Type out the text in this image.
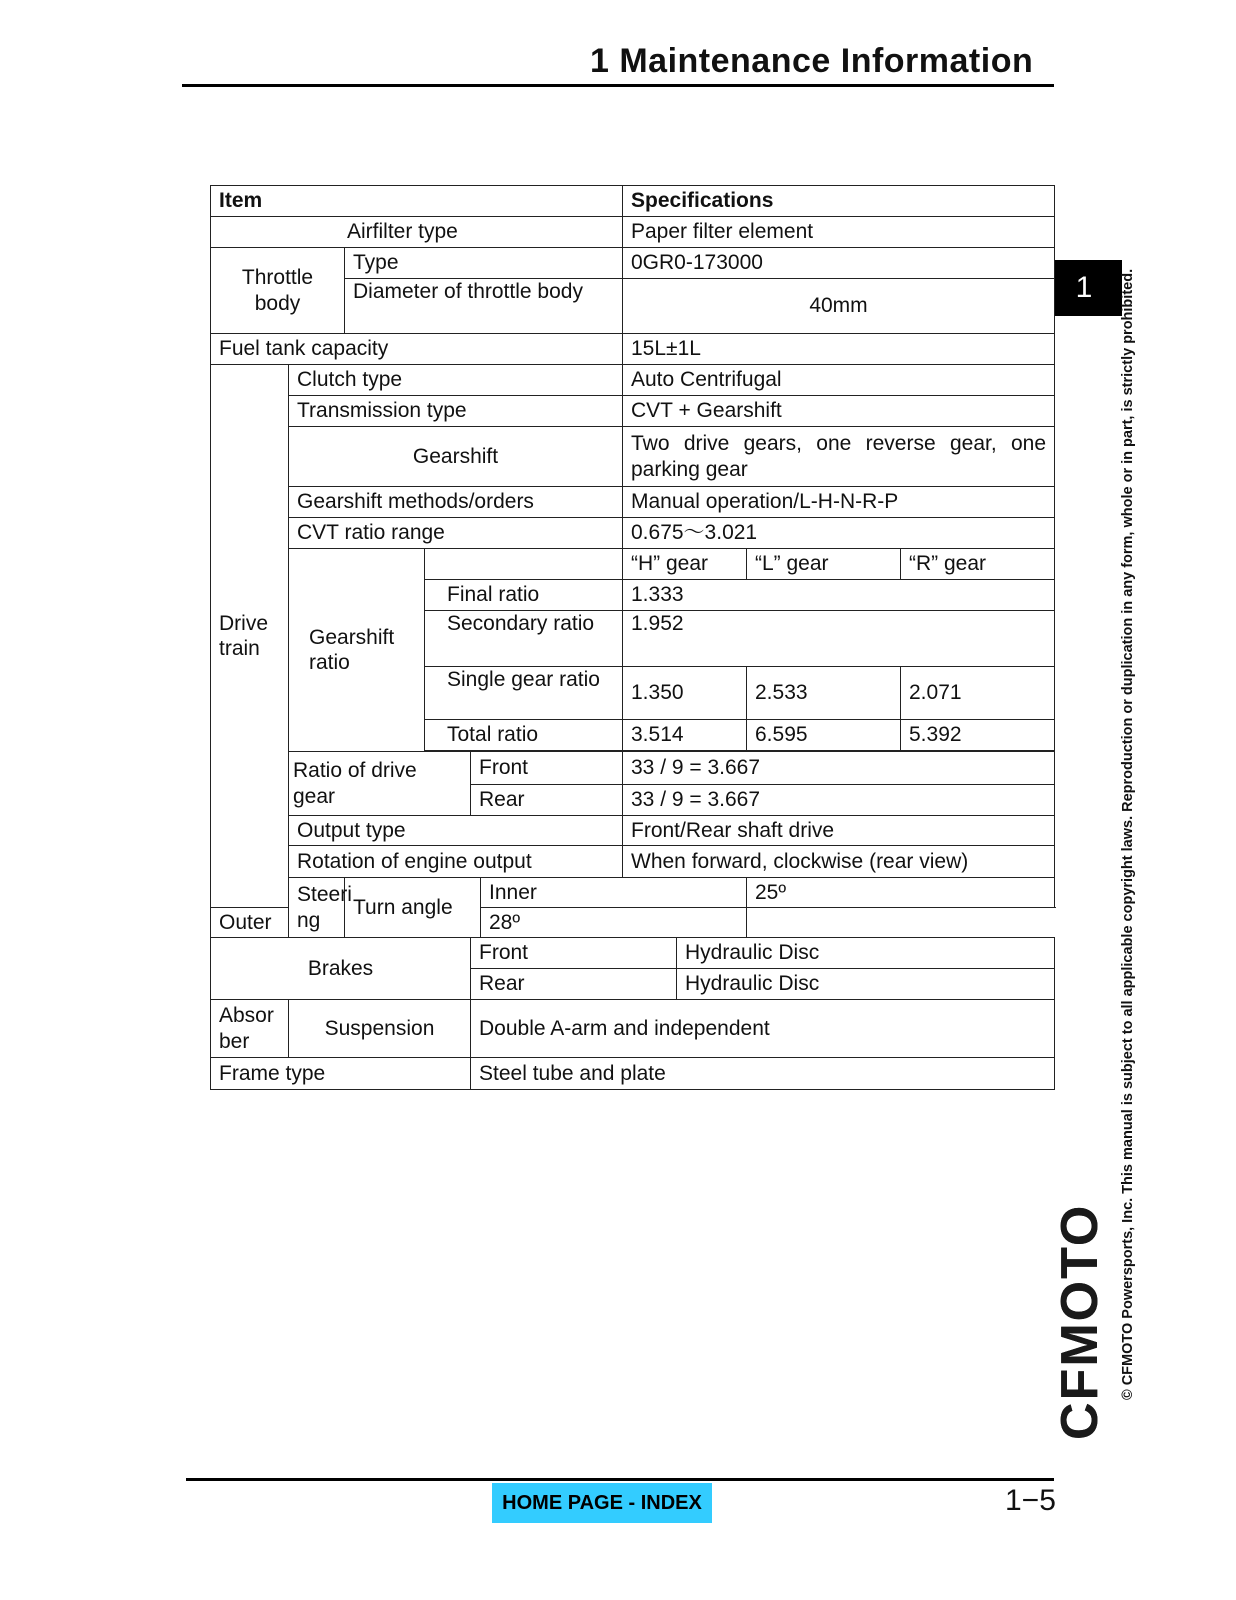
1 Maintenance Information
1	© CFMOTO Powersports, Inc. This manual is subject to all applicable copyright laws. Reproduction or duplication in any form, whole or in part, is strictly prohibited.
CFMOTO
Item						Specifications			
Airfilter type						Paper filter element			
Throttle body		Type				0GR0-173000			
		Diameter of throttle body				40mm			
Fuel tank capacity						15L±1L			
Drive train	Clutch type					Auto Centrifugal			
	Transmission type					CVT + Gearshift			
	Gearshift					Two drive gears, one reverse gear, one parking gear			
	Gearshift methods/orders					Manual operation/L-H-N-R-P			
	CVT ratio range					0.675～3.021			
	Gearshift ratio					“H” gear		“L” gear	“R” gear
			Final ratio			1.333			
			Secondary ratio			1.952			
			Single gear ratio			1.350		2.533	2.071
			Total ratio			3.514		6.595	5.392

	Ratio of drive gear			Front		33 / 9 = 3.667			
				Rear		33 / 9 = 3.667			
	Output type					Front/Rear shaft drive			
	Rotation of engine output					When forward, clockwise (rear view)			
	Steeri ng	Turn angle			Inner			25º	
Outer					28º				
Brakes				Front			Hydraulic Disc		
				Rear			Hydraulic Disc		
Absor ber	Suspension			Double A-arm and independent					
Frame type				Steel tube and plate					
HOME PAGE - INDEX	1−5
